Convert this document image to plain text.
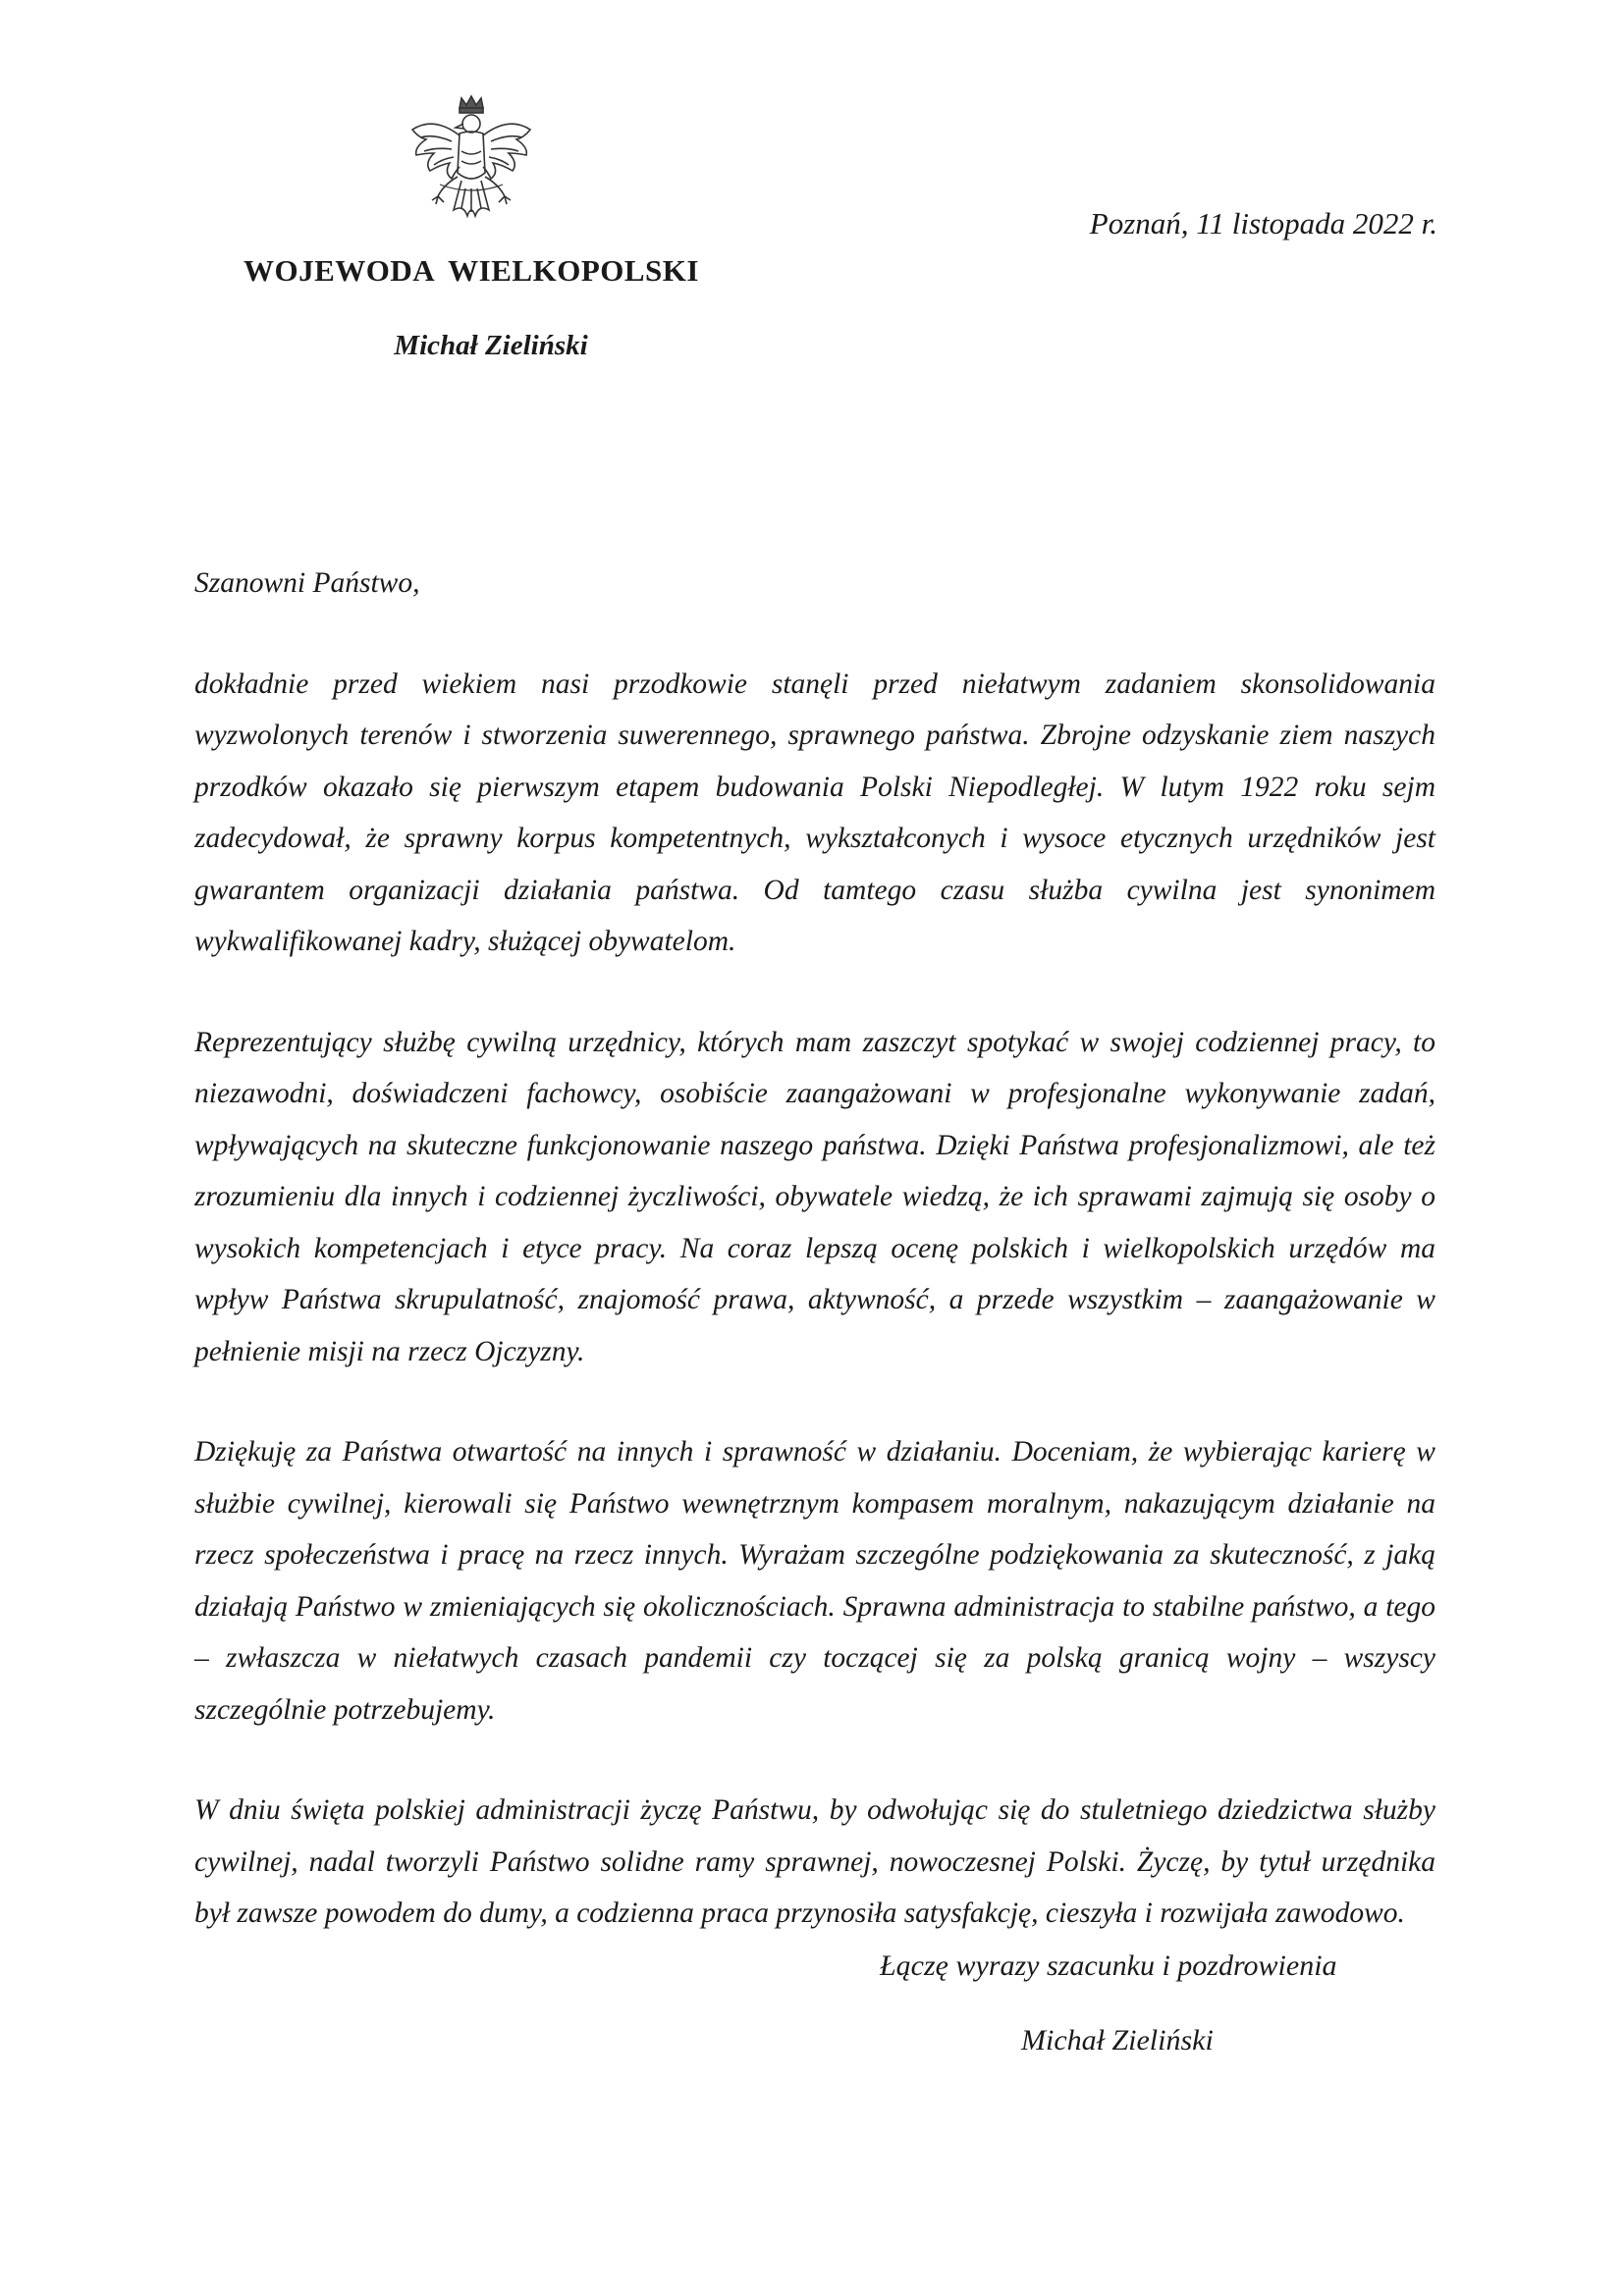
WOJEWODA WIELKOPOLSKI
Michał Zieliński
Poznań, 11 listopada 2022 r.

Szanowni Państwo,

dokładnie przed wiekiem nasi przodkowie stanęli przed niełatwym zadaniem skonsolidowania wyzwolonych terenów i stworzenia suwerennego, sprawnego państwa. Zbrojne odzyskanie ziem naszych przodków okazało się pierwszym etapem budowania Polski Niepodległej. W lutym 1922 roku sejm zadecydował, że sprawny korpus kompetentnych, wykształconych i wysoce etycznych urzędników jest gwarantem organizacji działania państwa. Od tamtego czasu służba cywilna jest synonimem wykwalifikowanej kadry, służącej obywatelom.

Reprezentujący służbę cywilną urzędnicy, których mam zaszczyt spotykać w swojej codziennej pracy, to niezawodni, doświadczeni fachowcy, osobiście zaangażowani w profesjonalne wykonywanie zadań, wpływających na skuteczne funkcjonowanie naszego państwa. Dzięki Państwa profesjonalizmowi, ale też zrozumieniu dla innych i codziennej życzliwości, obywatele wiedzą, że ich sprawami zajmują się osoby o wysokich kompetencjach i etyce pracy. Na coraz lepszą ocenę polskich i wielkopolskich urzędów ma wpływ Państwa skrupulatność, znajomość prawa, aktywność, a przede wszystkim – zaangażowanie w pełnienie misji na rzecz Ojczyzny.

Dziękuję za Państwa otwartość na innych i sprawność w działaniu. Doceniam, że wybierając karierę w służbie cywilnej, kierowali się Państwo wewnętrznym kompasem moralnym, nakazującym działanie na rzecz społeczeństwa i pracę na rzecz innych. Wyrażam szczególne podziękowania za skuteczność, z jaką działają Państwo w zmieniających się okolicznościach. Sprawna administracja to stabilne państwo, a tego – zwłaszcza w niełatwych czasach pandemii czy toczącej się za polską granicą wojny – wszyscy szczególnie potrzebujemy.

W dniu święta polskiej administracji życzę Państwu, by odwołując się do stuletniego dziedzictwa służby cywilnej, nadal tworzyli Państwo solidne ramy sprawnej, nowoczesnej Polski. Życzę, by tytuł urzędnika był zawsze powodem do dumy, a codzienna praca przynosiła satysfakcję, cieszyła i rozwijała zawodowo.

Łączę wyrazy szacunku i pozdrowienia
Michał Zieliński
